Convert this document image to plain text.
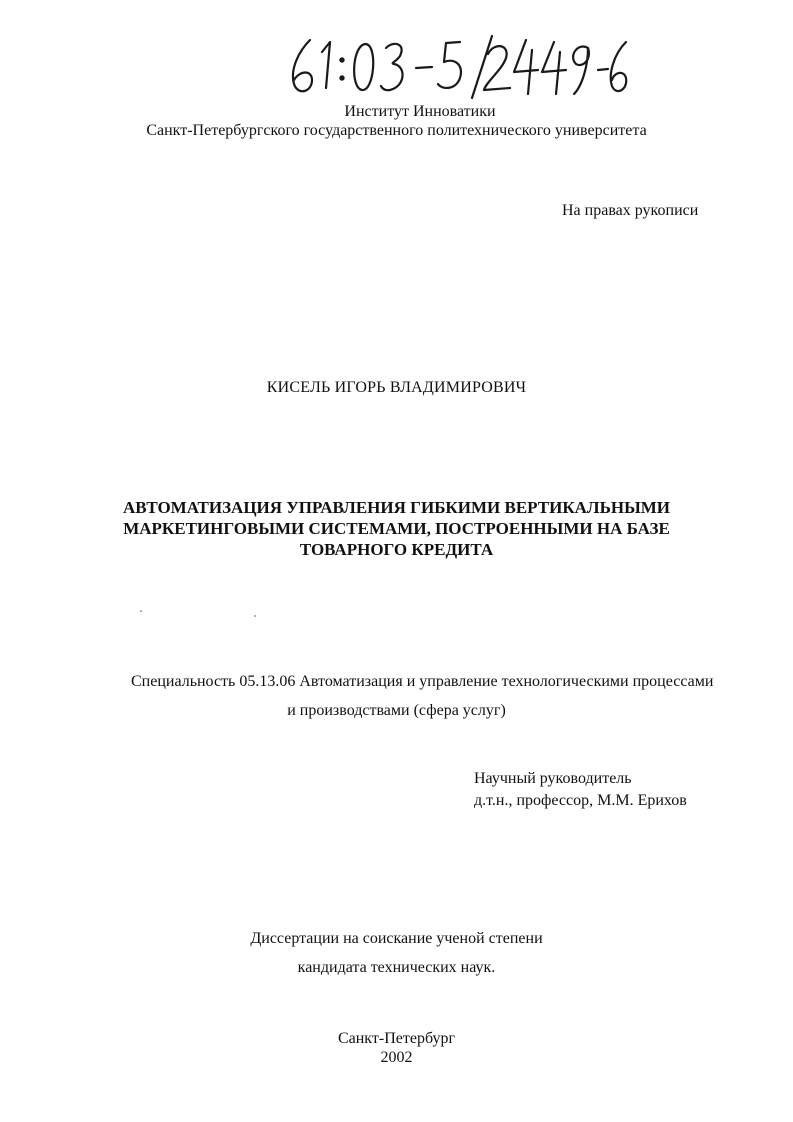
Институт Инноватики
Санкт-Петербургского государственного политехнического университета
На правах рукописи
КИСЕЛЬ ИГОРЬ ВЛАДИМИРОВИЧ
АВТОМАТИЗАЦИЯ УПРАВЛЕНИЯ ГИБКИМИ ВЕРТИКАЛЬНЫМИ
МАРКЕТИНГОВЫМИ СИСТЕМАМИ, ПОСТРОЕННЫМИ НА БАЗЕ
ТОВАРНОГО КРЕДИТА
Специальность 05.13.06 Автоматизация и управление технологическими процессами
и производствами (сфера услуг)
Научный руководитель
д.т.н., профессор, М.М. Ерихов
Диссертации на соискание ученой степени
кандидата технических наук.
Санкт-Петербург
2002
